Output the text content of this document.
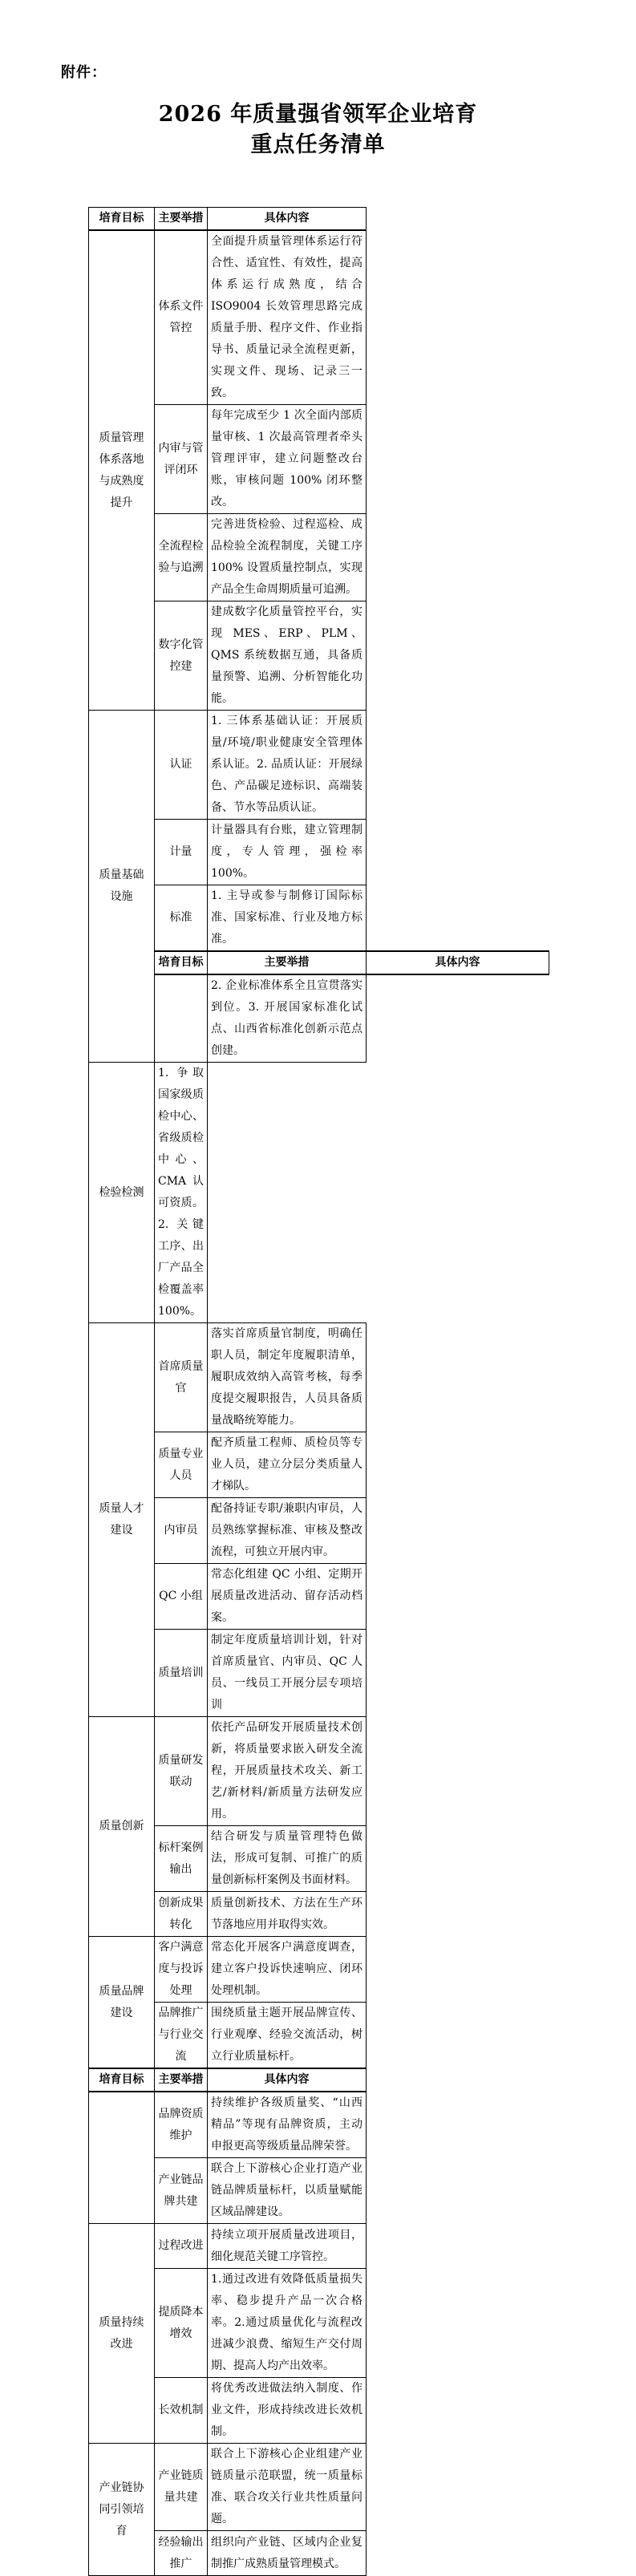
附件：
2026 年质量强省领军企业培育
重点任务清单
培育目标	主要举措	具体内容	
质量管理体系落地与成熟度提升	体系文件管控	全面提升质量管理体系运行符合性、适宜性、有效性，提高体系运行成熟度，结合 ISO9004 长效管理思路完成质量手册、程序文件、作业指导书、质量记录全流程更新，实现文件、现场、记录三一致。	
	内审与管评闭环	每年完成至少 1 次全面内部质量审核、1 次最高管理者牵头管理评审，建立问题整改台账，审核问题 100% 闭环整改。	
	全流程检验与追溯	完善进货检验、过程巡检、成品检验全流程制度，关键工序 100% 设置质量控制点，实现产品全生命周期质量可追溯。	
	数字化管控建	建成数字化质量管控平台，实现 MES、ERP、PLM、QMS 系统数据互通，具备质量预警、追溯、分析智能化功能。	
质量基础设施	认证	1. 三体系基础认证：开展质量/环境/职业健康安全管理体系认证。2. 品质认证：开展绿色、产品碳足迹标识、高端装备、节水等品质认证。	
	计量	计量器具有台账，建立管理制度，专人管理，强检率 100%。	
	标准	1. 主导或参与制修订国际标准、国家标准、行业及地方标准。	
	培育目标	主要举措	具体内容
		2. 企业标准体系全且宣贯落实到位。3. 开展国家标准化试点、山西省标准化创新示范点创建。	
检验检测	1. 争取国家级质检中心、省级质检中心、CMA 认可资质。2. 关键工序、出厂产品全检覆盖率 100%。		
质量人才建设	首席质量官	落实首席质量官制度，明确任职人员，制定年度履职清单，履职成效纳入高管考核，每季度提交履职报告，人员具备质量战略统筹能力。	
	质量专业人员	配齐质量工程师、质检员等专业人员，建立分层分类质量人才梯队。	
	内审员	配备持证专职/兼职内审员，人员熟练掌握标准、审核及整改流程，可独立开展内审。	
	QC 小组	常态化组建 QC 小组、定期开展质量改进活动、留存活动档案。	
	质量培训	制定年度质量培训计划，针对首席质量官、内审员、QC 人员、一线员工开展分层专项培训	
质量创新	质量研发联动	依托产品研发开展质量技术创新，将质量要求嵌入研发全流程，开展质量技术攻关、新工艺/新材料/新质量方法研发应用。	
	标杆案例输出	结合研发与质量管理特色做法，形成可复制、可推广的质量创新标杆案例及书面材料。	
	创新成果转化	质量创新技术、方法在生产环节落地应用并取得实效。	
质量品牌建设	客户满意度与投诉处理	常态化开展客户满意度调查，建立客户投诉快速响应、闭环处理机制。	
	品牌推广与行业交流	围绕质量主题开展品牌宣传、行业观摩、经验交流活动，树立行业质量标杆。	
培育目标	主要举措	具体内容	
	品牌资质维护	持续维护各级质量奖、“山西精品”等现有品牌资质，主动申报更高等级质量品牌荣誉。	
	产业链品牌共建	联合上下游核心企业打造产业链品牌质量标杆，以质量赋能区域品牌建设。	
质量持续改进	过程改进	持续立项开展质量改进项目，细化规范关键工序管控。	
	提质降本增效	1.通过改进有效降低质量损失率、稳步提升产品一次合格率。2.通过质量优化与流程改进减少浪费、缩短生产交付周期、提高人均产出效率。	
	长效机制	将优秀改进做法纳入制度、作业文件，形成持续改进长效机制。	
产业链协同引领培育	产业链质量共建	联合上下游核心企业组建产业链质量示范联盟，统一质量标准、联合攻关行业共性质量问题。	
	经验输出推广	组织向产业链、区域内企业复制推广成熟质量管理模式。	
